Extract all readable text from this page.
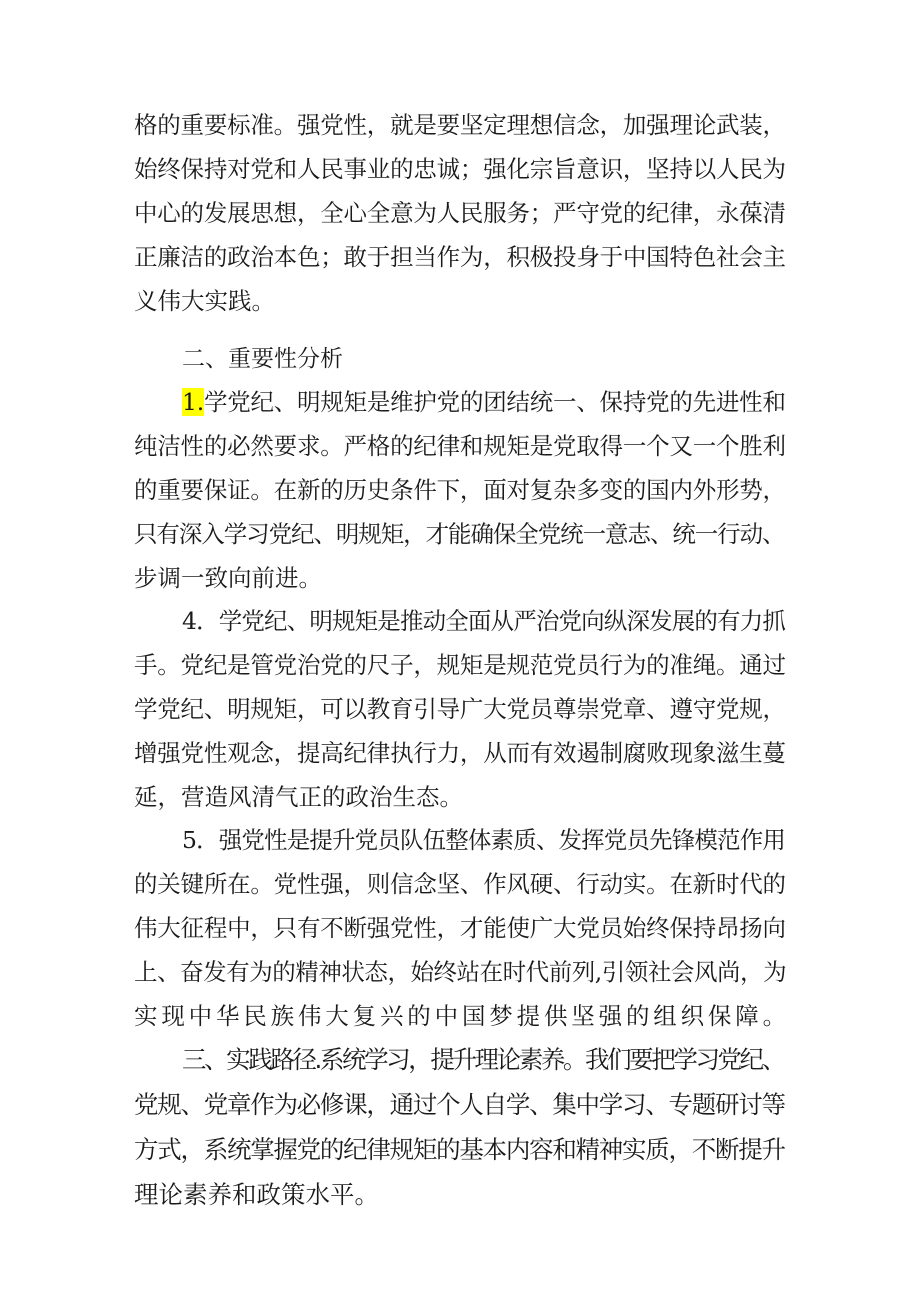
格的重要标准。强党性，就是要坚定理想信念，加强理论武装，
始终保持对党和人民事业的忠诚；强化宗旨意识，坚持以人民为
中心的发展思想，全心全意为人民服务；严守党的纪律，永葆清
正廉洁的政治本色；敢于担当作为，积极投身于中国特色社会主
义伟大实践。
二、重要性分析
1.学党纪、明规矩是维护党的团结统一、保持党的先进性和
纯洁性的必然要求。严格的纪律和规矩是党取得一个又一个胜利
的重要保证。在新的历史条件下，面对复杂多变的国内外形势，
只有深入学习党纪、明规矩，才能确保全党统一意志、统一行动、
步调一致向前进。
4．学党纪、明规矩是推动全面从严治党向纵深发展的有力抓
手。党纪是管党治党的尺子，规矩是规范党员行为的准绳。通过
学党纪、明规矩，可以教育引导广大党员尊崇党章、遵守党规，
增强党性观念，提高纪律执行力，从而有效遏制腐败现象滋生蔓
延，营造风清气正的政治生态。
5．强党性是提升党员队伍整体素质、发挥党员先锋模范作用
的关键所在。党性强，则信念坚、作风硬、行动实。在新时代的
伟大征程中，只有不断强党性，才能使广大党员始终保持昂扬向
上、奋发有为的精神状态，始终站在时代前列,引领社会风尚，为
实现中华民族伟大复兴的中国梦提供坚强的组织保障。
三、实践路径.系统学习，提升理论素养。我们要把学习党纪、
党规、党章作为必修课，通过个人自学、集中学习、专题研讨等
方式，系统掌握党的纪律规矩的基本内容和精神实质，不断提升
理论素养和政策水平。
